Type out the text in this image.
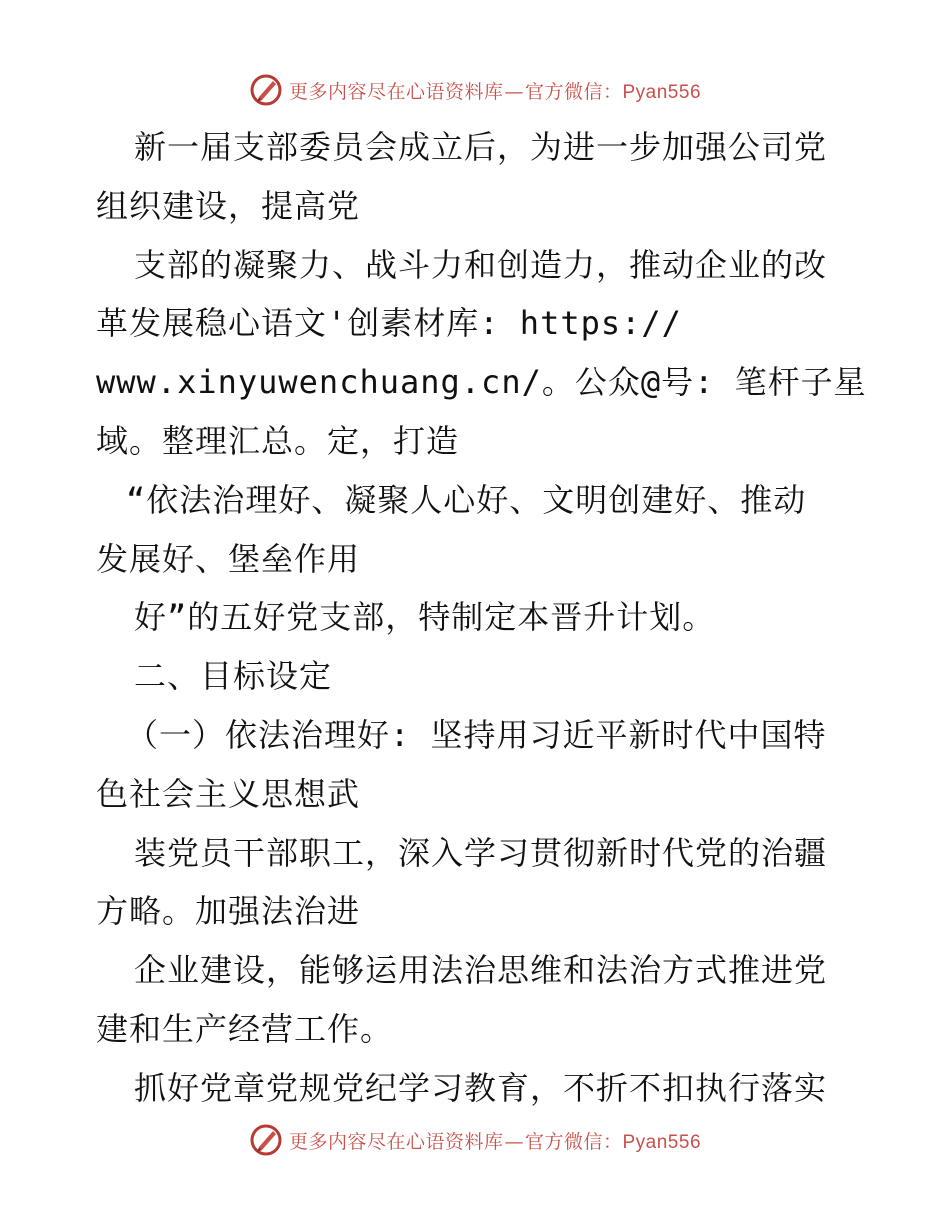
更多内容尽在心语资料库—官方微信：Pyan556
新一届支部委员会成立后，为进一步加强公司党
组织建设，提高党
支部的凝聚力、战斗力和创造力，推动企业的改
革发展稳心语文'创素材库: https://
www.xinyuwenchuang.cn/。公众@号: 笔杆子星
域。整理汇总。定，打造
“依法治理好、凝聚人心好、文明创建好、推动
发展好、堡垒作用
好”的五好党支部，特制定本晋升计划。
二、目标设定
（一）依法治理好: 坚持用习近平新时代中国特
色社会主义思想武
装党员干部职工，深入学习贯彻新时代党的治疆
方略。加强法治进
企业建设，能够运用法治思维和法治方式推进党
建和生产经营工作。
抓好党章党规党纪学习教育，不折不扣执行落实
更多内容尽在心语资料库—官方微信：Pyan556
